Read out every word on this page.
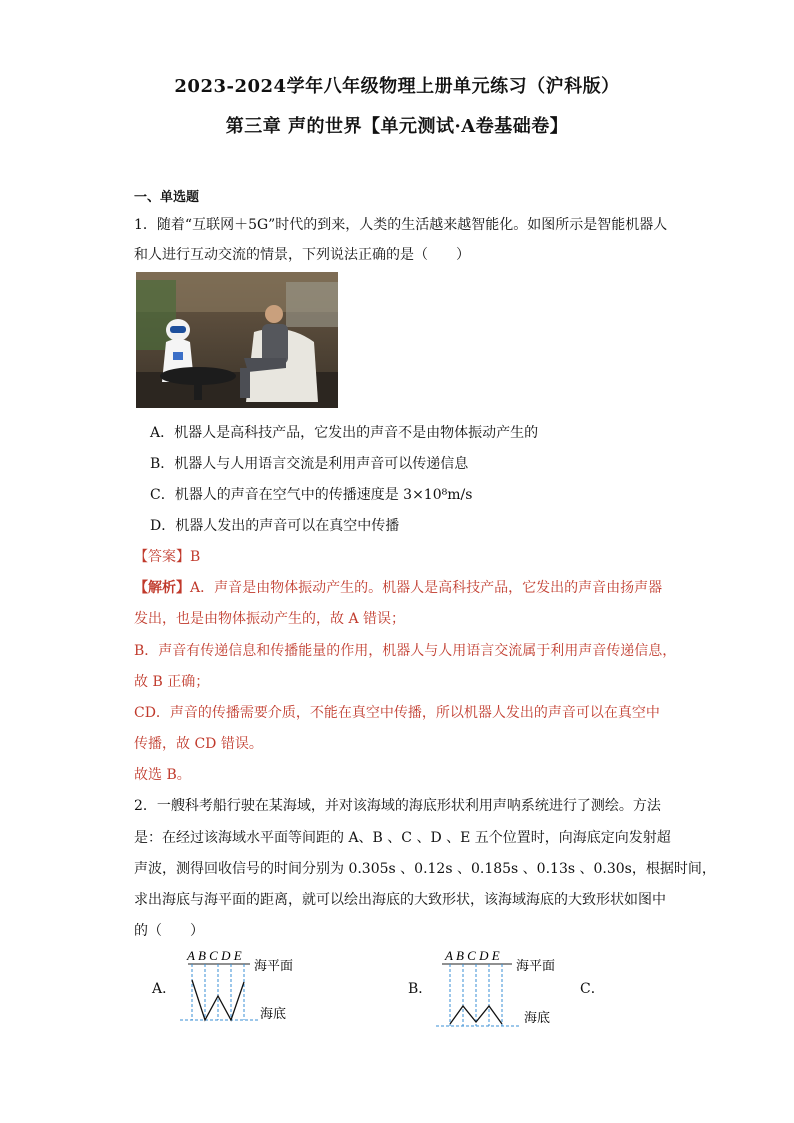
2023-2024学年八年级物理上册单元练习（沪科版）
第三章 声的世界【单元测试·A卷基础卷】
一、单选题
1．随着“互联网＋5G”时代的到来，人类的生活越来越智能化。如图所示是智能机器人
和人进行互动交流的情景，下列说法正确的是（　　）
A．机器人是高科技产品，它发出的声音不是由物体振动产生的
B．机器人与人用语言交流是利用声音可以传递信息
C．机器人的声音在空气中的传播速度是 3×10⁸m/s
D．机器人发出的声音可以在真空中传播
【答案】B
【解析】A．声音是由物体振动产生的。机器人是高科技产品，它发出的声音由扬声器
发出，也是由物体振动产生的，故 A 错误；
B．声音有传递信息和传播能量的作用，机器人与人用语言交流属于利用声音传递信息，
故 B 正确；
CD．声音的传播需要介质，不能在真空中传播，所以机器人发出的声音可以在真空中
传播，故 CD 错误。
故选 B。
2．一艘科考船行驶在某海域，并对该海域的海底形状利用声呐系统进行了测绘。方法
是：在经过该海域水平面等间距的 A、B 、C 、D 、E 五个位置时，向海底定向发射超
声波，测得回收信号的时间分别为 0.305s 、0.12s 、0.185s 、0.13s 、0.30s，根据时间，
求出海底与海平面的距离，就可以绘出海底的大致形状，该海域海底的大致形状如图中
的（　　）
A．
A B C D E
海平面
海底
B．
A B C D E
海平面
海底
C．
